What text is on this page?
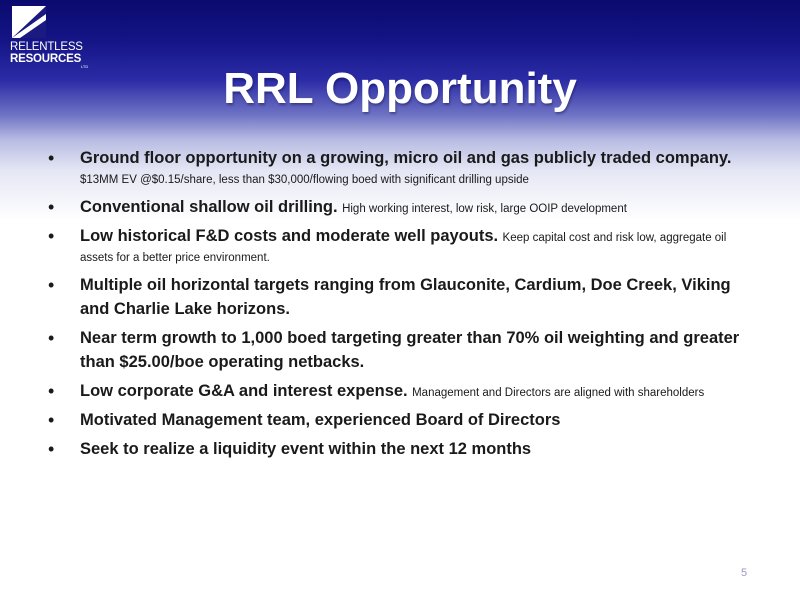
RELENTLESS
RESOURCES
LTD	RRL Opportunity
• Ground floor opportunity on a growing, micro oil and gas publicly traded company. $13MM EV @$0.15/share, less than $30,000/flowing boed with significant drilling upside
• Conventional shallow oil drilling. High working interest, low risk, large OOIP development
• Low historical F&D costs and moderate well payouts. Keep capital cost and risk low, aggregate oil assets for a better price environment.
• Multiple oil horizontal targets ranging from Glauconite, Cardium, Doe Creek, Viking and Charlie Lake horizons.
• Near term growth to 1,000 boed targeting greater than 70% oil weighting and greater than $25.00/boe operating netbacks.
• Low corporate G&A and interest expense. Management and Directors are aligned with shareholders
• Motivated Management team, experienced Board of Directors
• Seek to realize a liquidity event within the next 12 months
5
